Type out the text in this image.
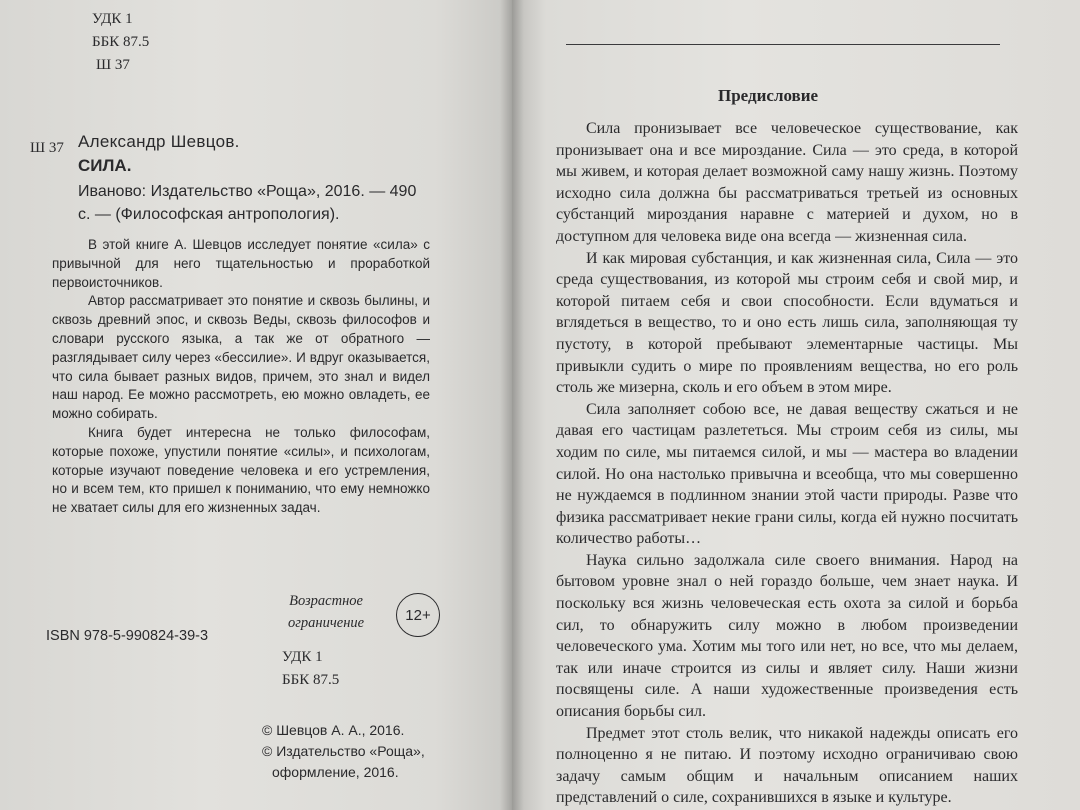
УДК 1
ББК 87.5
Ш 37
Ш 37 Александр Шевцов.
СИЛА.
Иваново: Издательство «Роща», 2016. — 490 с. — (Философская антропология).

В этой книге А. Шевцов исследует понятие «сила» с привычной для него тщательностью и проработкой первоисточников.

Автор рассматривает это понятие и сквозь былины, и сквозь древний эпос, и сквозь Веды, сквозь философов и словари русского языка, а так же от обратного — разглядывает силу через «бессилие». И вдруг оказывается, что сила бывает разных видов, причем, это знал и видел наш народ. Ее можно рассмотреть, ею можно овладеть, ее можно собирать.

Книга будет интересна не только философам, которые похоже, упустили понятие «силы», и психологам, которые изучают поведение человека и его устремления, но и всем тем, кто пришел к пониманию, что ему немножко не хватает силы для его жизненных задач.

Возрастное
ограничение	12+
ISBN 978-5-990824-39-3
УДК 1
ББК 87.5
© Шевцов А. А., 2016.
© Издательство «Роща»,
оформление, 2016.
Предисловие

Сила пронизывает все человеческое существование, как пронизывает она и все мироздание. Сила — это среда, в которой мы живем, и которая делает возможной саму нашу жизнь. Поэтому исходно сила должна бы рассматриваться третьей из основных субстанций мироздания наравне с материей и духом, но в доступном для человека виде она всегда — жизненная сила.

И как мировая субстанция, и как жизненная сила, Сила — это среда существования, из которой мы строим себя и свой мир, и которой питаем себя и свои способности. Если вдуматься и вглядеться в вещество, то и оно есть лишь сила, заполняющая ту пустоту, в которой пребывают элементарные частицы. Мы привыкли судить о мире по проявлениям вещества, но его роль столь же мизерна, сколь и его объем в этом мире.

Сила заполняет собою все, не давая веществу сжаться и не давая его частицам разлететься. Мы строим себя из силы, мы ходим по силе, мы питаемся силой, и мы — мастера во владении силой. Но она настолько привычна и всеобща, что мы совершенно не нуждаемся в подлинном знании этой части природы. Разве что физика рассматривает некие грани силы, когда ей нужно посчитать количество работы…

Наука сильно задолжала силе своего внимания. Народ на бытовом уровне знал о ней гораздо больше, чем знает наука. И поскольку вся жизнь человеческая есть охота за силой и борьба сил, то обнаружить силу можно в любом произведении человеческого ума. Хотим мы того или нет, но все, что мы делаем, так или иначе строится из силы и являет силу. Наши жизни посвящены силе. А наши художественные произведения есть описания борьбы сил.

Предмет этот столь велик, что никакой надежды описать его полноценно я не питаю. И поэтому исходно ограничиваю свою задачу самым общим и начальным описанием наших представлений о силе, сохранившихся в языке и культуре.
